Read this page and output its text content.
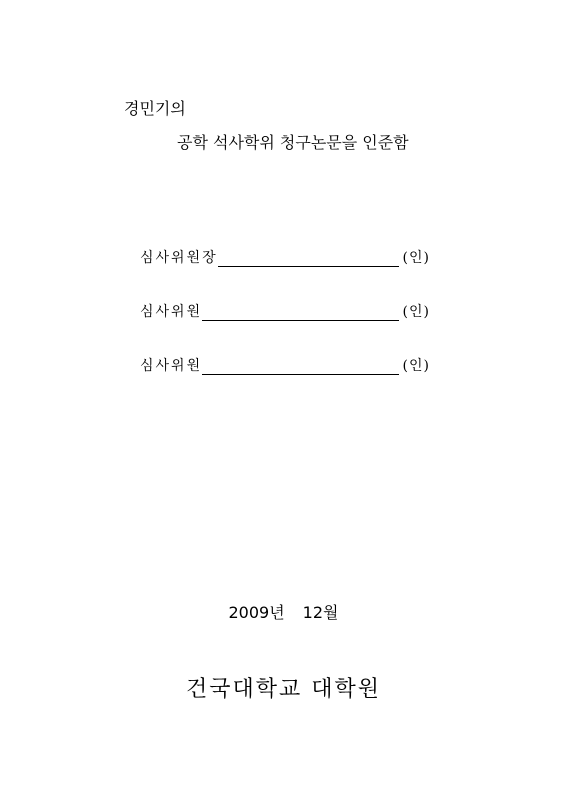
경민기의
공학 석사학위 청구논문을 인준함
심사위원장	(인)
심사위원	(인)
심사위원	(인)
2009년 12월
건국대학교 대학원
